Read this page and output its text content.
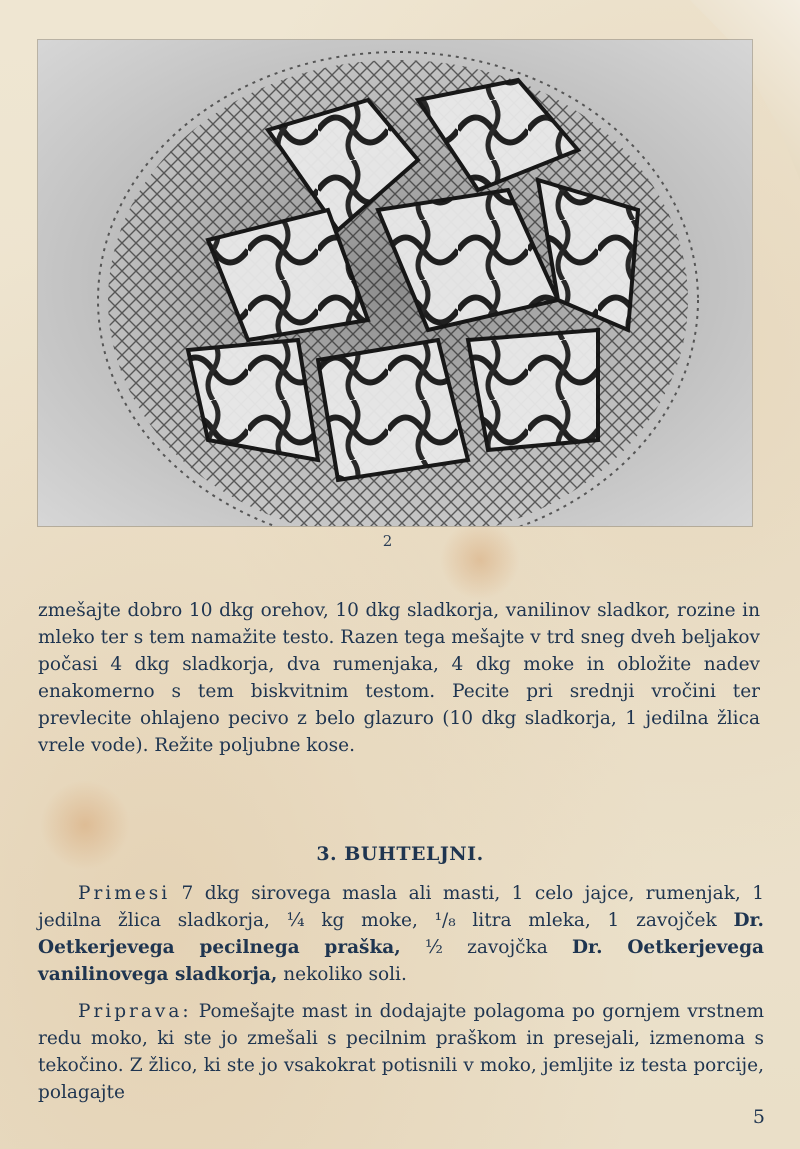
2

zmešajte dobro 10 dkg orehov, 10 dkg sladkorja, vanilinov sladkor, rozine in mleko ter s tem namažite testo. Razen tega mešajte v trd sneg dveh beljakov počasi 4 dkg sladkorja, dva rumenjaka, 4 dkg moke in obložite nadev enakomerno s tem biskvitnim testom. Pecite pri srednji vročini ter prevlecite ohlajeno pecivo z belo glazuro (10 dkg sladkorja, 1 jedilna žlica vrele vode). Režite poljubne kose.

3. BUHTELJNI.

Primesi 7 dkg sirovega masla ali masti, 1 celo jajce, rumenjak, 1 jedilna žlica sladkorja, ¼ kg moke, ¹/₈ litra mleka, 1 zavojček Dr. Oetkerjevega pecilnega praška, ½ zavojčka Dr. Oetkerjevega vanilinovega sladkorja, nekoliko soli.

Priprava: Pomešajte mast in dodajajte polagoma po gornjem vrstnem redu moko, ki ste jo zmešali s pecilnim praškom in presejali, izmenoma s tekočino. Z žlico, ki ste jo vsakokrat potisnili v moko, jemljite iz testa porcije, polagajte

5
